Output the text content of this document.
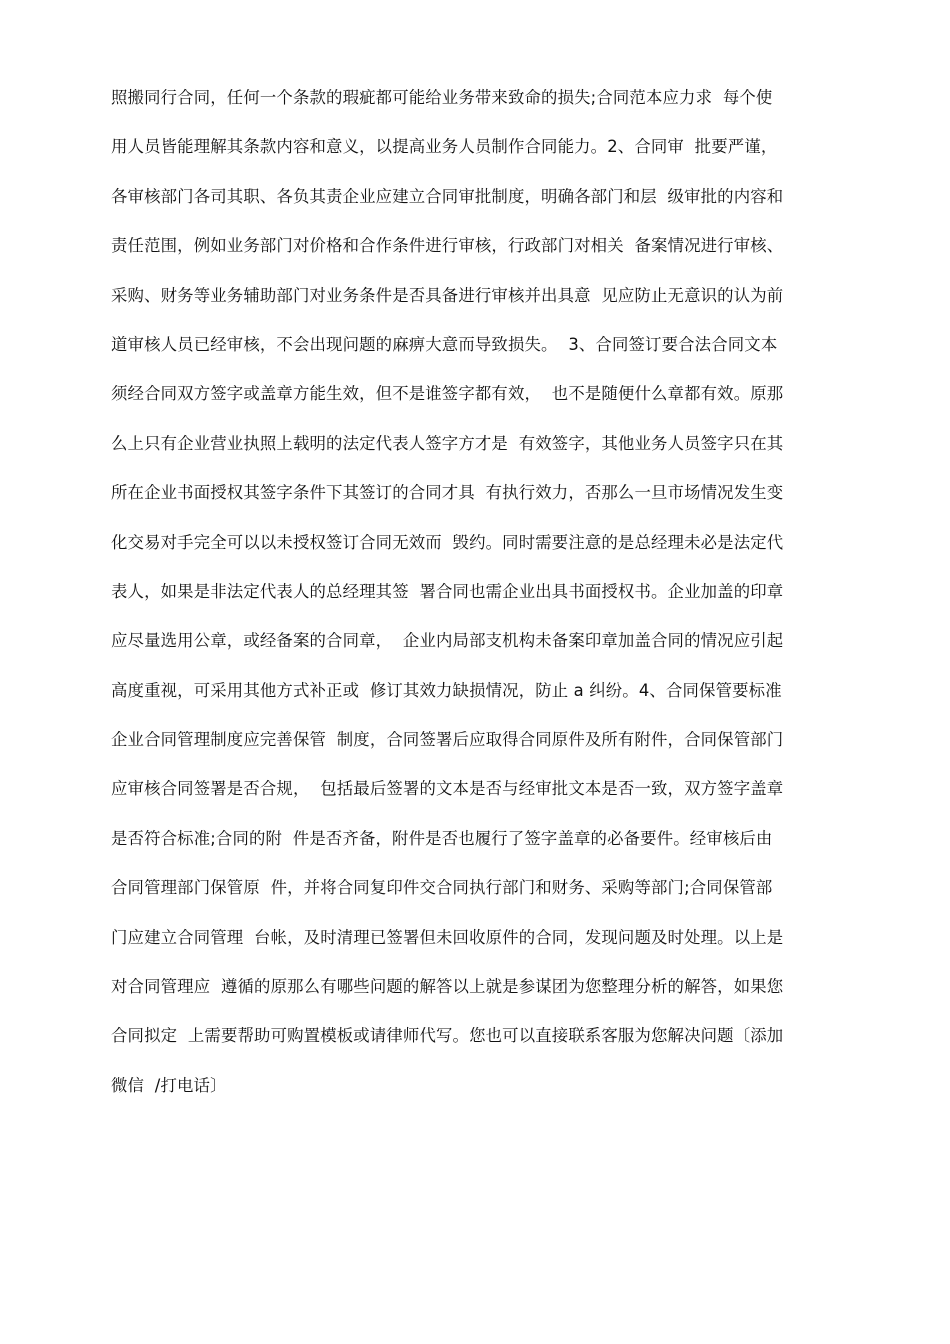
照搬同行合同，任何一个条款的瑕疵都可能给业务带来致命的损失;合同范本应力求  每个使
用人员皆能理解其条款内容和意义，以提高业务人员制作合同能力。2、合同审  批要严谨，
各审核部门各司其职、各负其责企业应建立合同审批制度，明确各部门和层  级审批的内容和
责任范围，例如业务部门对价格和合作条件进行审核，行政部门对相关  备案情况进行审核、
采购、财务等业务辅助部门对业务条件是否具备进行审核并出具意  见应防止无意识的认为前
道审核人员已经审核，不会出现问题的麻痹大意而导致损失。  3、合同签订要合法合同文本
须经合同双方签字或盖章方能生效，但不是谁签字都有效，  也不是随便什么章都有效。原那
么上只有企业营业执照上载明的法定代表人签字方才是  有效签字，其他业务人员签字只在其
所在企业书面授权其签字条件下其签订的合同才具  有执行效力，否那么一旦市场情况发生变
化交易对手完全可以以未授权签订合同无效而  毁约。同时需要注意的是总经理未必是法定代
表人，如果是非法定代表人的总经理其签  署合同也需企业出具书面授权书。企业加盖的印章
应尽量选用公章，或经备案的合同章，  企业内局部支机构未备案印章加盖合同的情况应引起
高度重视，可采用其他方式补正或  修订其效力缺损情况，防止 a 纠纷。4、合同保管要标准
企业合同管理制度应完善保管  制度，合同签署后应取得合同原件及所有附件，合同保管部门
应审核合同签署是否合规，  包括最后签署的文本是否与经审批文本是否一致，双方签字盖章
是否符合标准;合同的附  件是否齐备，附件是否也履行了签字盖章的必备要件。经审核后由
合同管理部门保管原  件，并将合同复印件交合同执行部门和财务、采购等部门;合同保管部
门应建立合同管理  台帐，及时清理已签署但未回收原件的合同，发现问题及时处理。以上是
对合同管理应  遵循的原那么有哪些问题的解答以上就是参谋团为您整理分析的解答，如果您
合同拟定  上需要帮助可购置模板或请律师代写。您也可以直接联系客服为您解决问题〔添加
微信  /打电话〕
